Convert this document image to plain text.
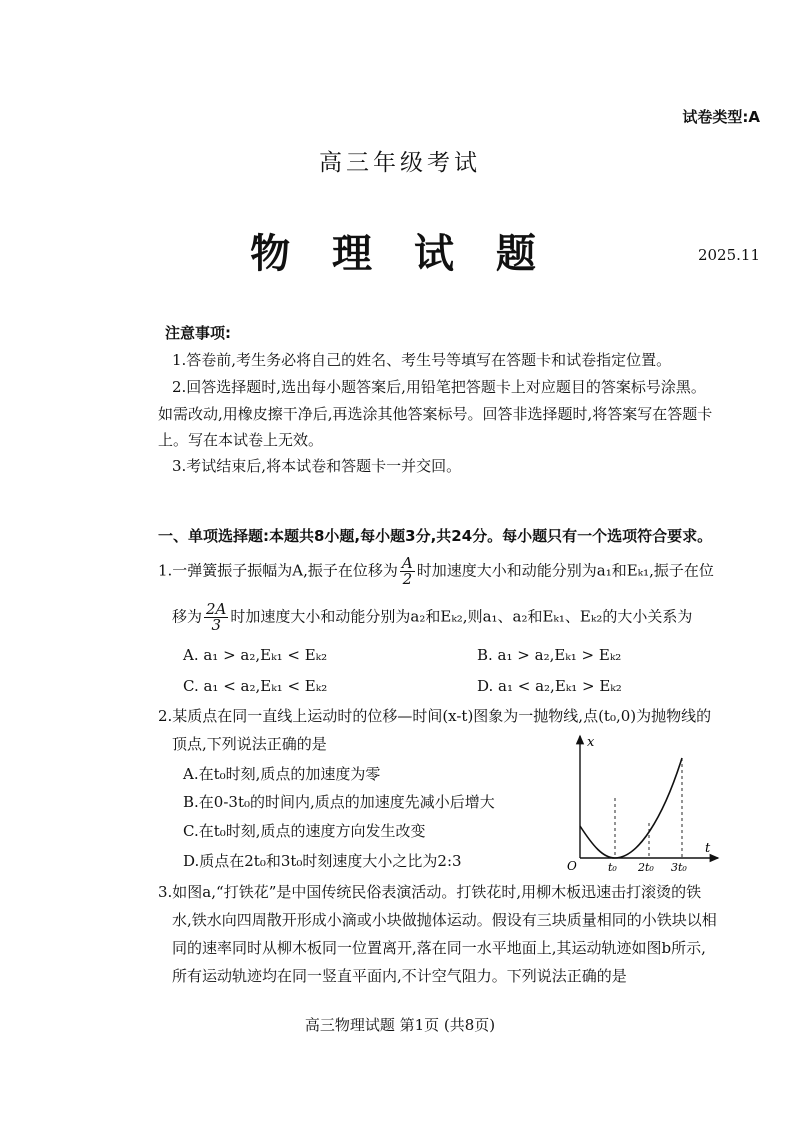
试卷类型:A
高三年级考试
物 理 试 题	2025.11
注意事项:
1.答卷前,考生务必将自己的姓名、考生号等填写在答题卡和试卷指定位置。
2.回答选择题时,选出每小题答案后,用铅笔把答题卡上对应题目的答案标号涂黑。
如需改动,用橡皮擦干净后,再选涂其他答案标号。回答非选择题时,将答案写在答题卡
上。写在本试卷上无效。
3.考试结束后,将本试卷和答题卡一并交回。
一、单项选择题:本题共8小题,每小题3分,共24分。每小题只有一个选项符合要求。
1.一弹簧振子振幅为A,振子在位移为 $\frac{A}{2}$ 时加速度大小和动能分别为a₁和Eₖ₁,振子在位
移为 $\frac{2A}{3}$ 时加速度大小和动能分别为a₂和Eₖ₂,则a₁、a₂和Eₖ₁、Eₖ₂的大小关系为
A. a₁ > a₂,Eₖ₁ < Eₖ₂	B. a₁ > a₂,Eₖ₁ > Eₖ₂
C. a₁ < a₂,Eₖ₁ < Eₖ₂	D. a₁ < a₂,Eₖ₁ > Eₖ₂
2.某质点在同一直线上运动时的位移—时间(x-t)图象为一抛物线,点(t₀,0)为抛物线的
顶点,下列说法正确的是
A.在t₀时刻,质点的加速度为零
B.在0-3t₀的时间内,质点的加速度先减小后增大
C.在t₀时刻,质点的速度方向发生改变
D.质点在2t₀和3t₀时刻速度大小之比为2:3
x
t
O	t₀ 2t₀ 3t₀
3.如图a,“打铁花”是中国传统民俗表演活动。打铁花时,用柳木板迅速击打滚烫的铁
水,铁水向四周散开形成小滴或小块做抛体运动。假设有三块质量相同的小铁块以相
同的速率同时从柳木板同一位置离开,落在同一水平地面上,其运动轨迹如图b所示,
所有运动轨迹均在同一竖直平面内,不计空气阻力。下列说法正确的是
高三物理试题 第1页 (共8页)
